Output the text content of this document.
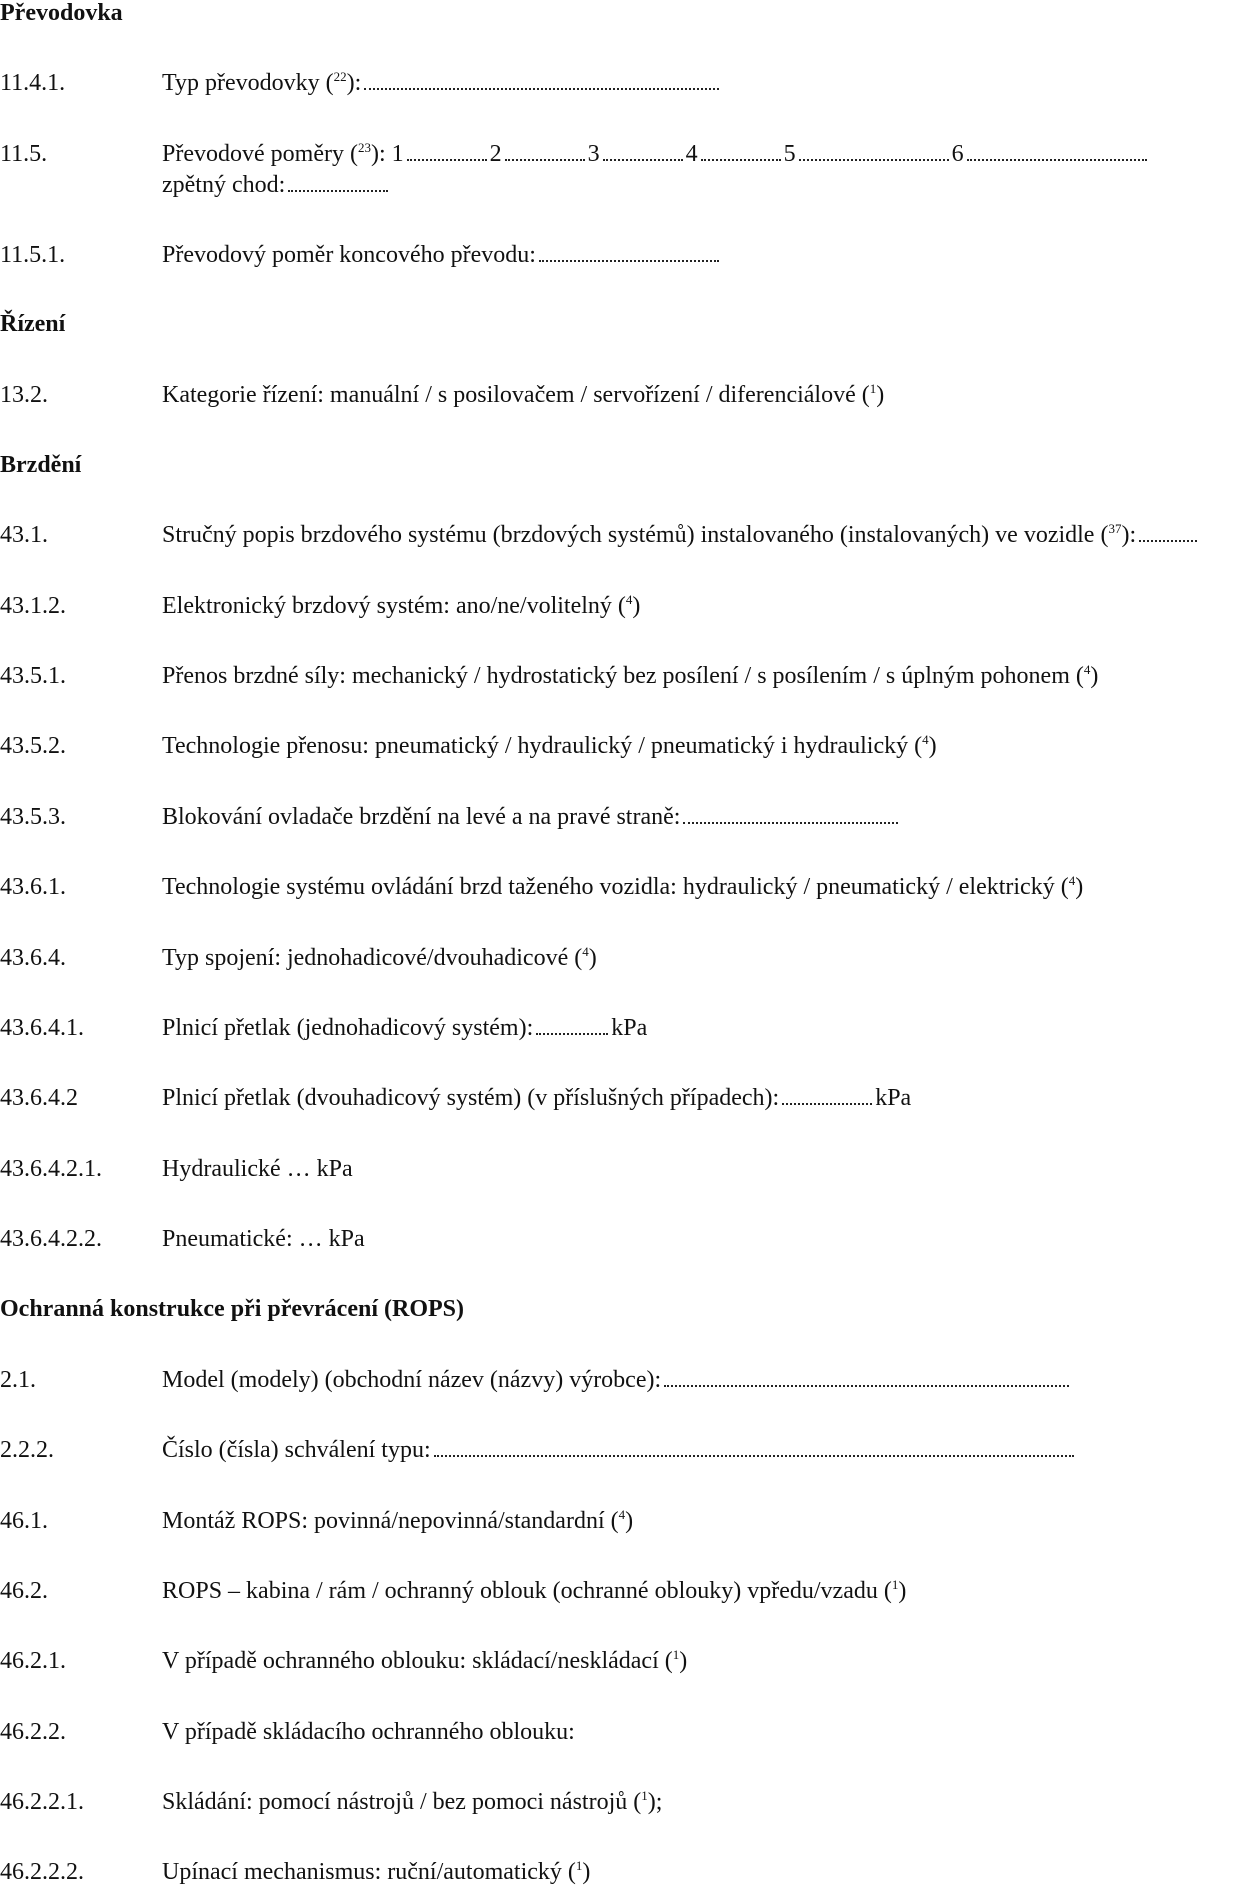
Převodovka
11.4.1.	Typ převodovky ($^{22}$):
11.5.	Převodové poměry ($^{23}$): 1	2	3	4	5	6
zpětný chod:
11.5.1.	Převodový poměr koncového převodu:
Řízení
13.2.	Kategorie řízení: manuální / s posilovačem / servořízení / diferenciálové ($^1$)
Brzdění
43.1.	Stručný popis brzdového systému (brzdových systémů) instalovaného (instalovaných) ve vozidle ($^{37}$):
43.1.2.	Elektronický brzdový systém: ano/ne/volitelný ($^4$)
43.5.1.	Přenos brzdné síly: mechanický / hydrostatický bez posílení / s posílením / s úplným pohonem ($^4$)
43.5.2.	Technologie přenosu: pneumatický / hydraulický / pneumatický i hydraulický ($^4$)
43.5.3.	Blokování ovladače brzdění na levé a na pravé straně:
43.6.1.	Technologie systému ovládání brzd taženého vozidla: hydraulický / pneumatický / elektrický ($^4$)
43.6.4.	Typ spojení: jednohadicové/dvouhadicové ($^4$)
43.6.4.1.	Plnicí přetlak (jednohadicový systém):	kPa
43.6.4.2	Plnicí přetlak (dvouhadicový systém) (v příslušných případech):	kPa
43.6.4.2.1.	Hydraulické … kPa
43.6.4.2.2.	Pneumatické: … kPa
Ochranná konstrukce při převrácení (ROPS)
2.1.	Model (modely) (obchodní název (názvy) výrobce):
2.2.2.	Číslo (čísla) schválení typu:
46.1.	Montáž ROPS: povinná/nepovinná/standardní ($^4$)
46.2.	ROPS – kabina / rám / ochranný oblouk (ochranné oblouky) vpředu/vzadu ($^1$)
46.2.1.	V případě ochranného oblouku: skládací/neskládací ($^1$)
46.2.2.	V případě skládacího ochranného oblouku:
46.2.2.1.	Skládání: pomocí nástrojů / bez pomoci nástrojů ($^1$);
46.2.2.2.	Upínací mechanismus: ruční/automatický ($^1$)
